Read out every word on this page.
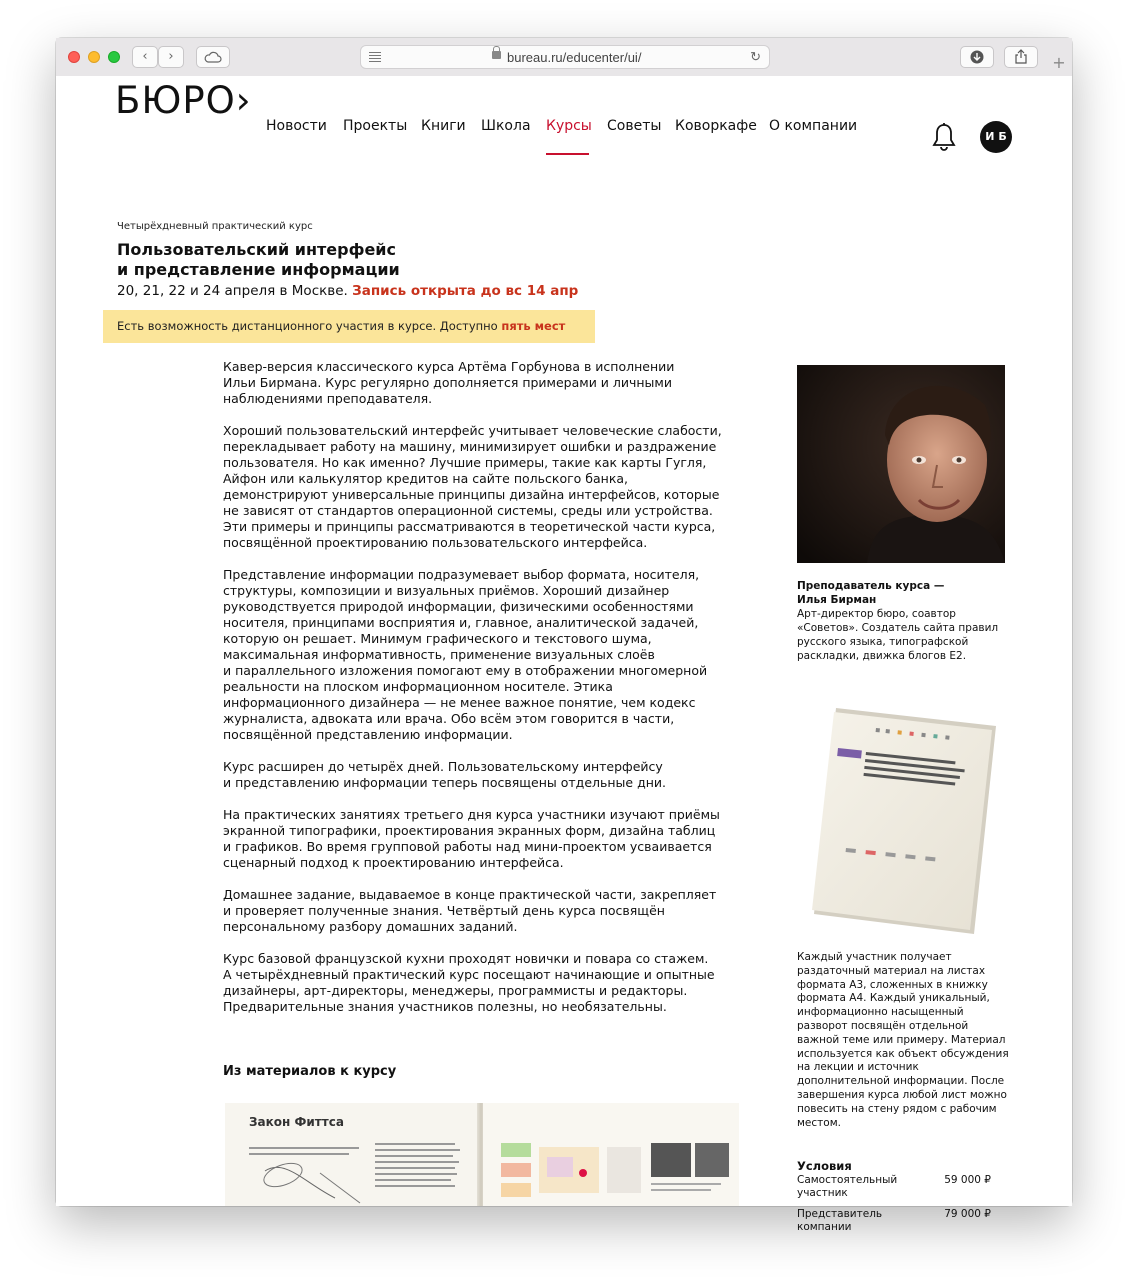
‹	›	bureau.ru/educenter/ui/	↻	+
БЮРО›
Новости Проекты Книги Школа Курсы Советы Коворкафе О компании
И Б
Четырёхдневный практический курс
Пользовательский интерфейс
и представление информации
20, 21, 22 и 24 апреля в Москве. Запись открыта до вс 14 апр
Есть возможность дистанционного участия в курсе. Доступно пять мест

Кавер-версия классического курса Артёма Горбунова в исполнении
Ильи Бирмана. Курс регулярно дополняется примерами и личными
наблюдениями преподавателя.

Хороший пользовательский интерфейс учитывает человеческие слабости,
перекладывает работу на машину, минимизирует ошибки и раздражение
пользователя. Но как именно? Лучшие примеры, такие как карты Гугля,
Айфон или калькулятор кредитов на сайте польского банка,
демонстрируют универсальные принципы дизайна интерфейсов, которые
не зависят от стандартов операционной системы, среды или устройства.
Эти примеры и принципы рассматриваются в теоретической части курса,
посвящённой проектированию пользовательского интерфейса.

Представление информации подразумевает выбор формата, носителя,
структуры, композиции и визуальных приёмов. Хороший дизайнер
руководствуется природой информации, физическими особенностями
носителя, принципами восприятия и, главное, аналитической задачей,
которую он решает. Минимум графического и текстового шума,
максимальная информативность, применение визуальных слоёв
и параллельного изложения помогают ему в отображении многомерной
реальности на плоском информационном носителе. Этика
информационного дизайнера — не менее важное понятие, чем кодекс
журналиста, адвоката или врача. Обо всём этом говорится в части,
посвящённой представлению информации.

Курс расширен до четырёх дней. Пользовательскому интерфейсу
и представлению информации теперь посвящены отдельные дни.

На практических занятиях третьего дня курса участники изучают приёмы
экранной типографики, проектирования экранных форм, дизайна таблиц
и графиков. Во время групповой работы над мини-проектом усваивается
сценарный подход к проектированию интерфейса.

Домашнее задание, выдаваемое в конце практической части, закрепляет
и проверяет полученные знания. Четвёртый день курса посвящён
персональному разбору домашних заданий.

Курс базовой французской кухни проходят новички и повара со стажем.
А четырёхдневный практический курс посещают начинающие и опытные
дизайнеры, арт-директоры, менеджеры, программисты и редакторы.
Предварительные знания участников полезны, но необязательны.

Из материалов к курсу
Закон Фиттса
Преподаватель курса —
Илья Бирман
Арт-директор бюро, соавтор «Советов». Создатель сайта правил русского языка, типографской раскладки, движка блогов Е2.
Каждый участник получает раздаточный материал на листах формата А3, сложенных в книжку формата А4. Каждый уникальный, информационно насыщенный разворот посвящён отдельной важной теме или примеру. Материал используется как объект обсуждения на лекции и источник дополнительной информации. После завершения курса любой лист можно повесить на стену рядом с рабочим местом.
Условия
Самостоятельный участник
59 000 ₽
Представитель компании
79 000 ₽
